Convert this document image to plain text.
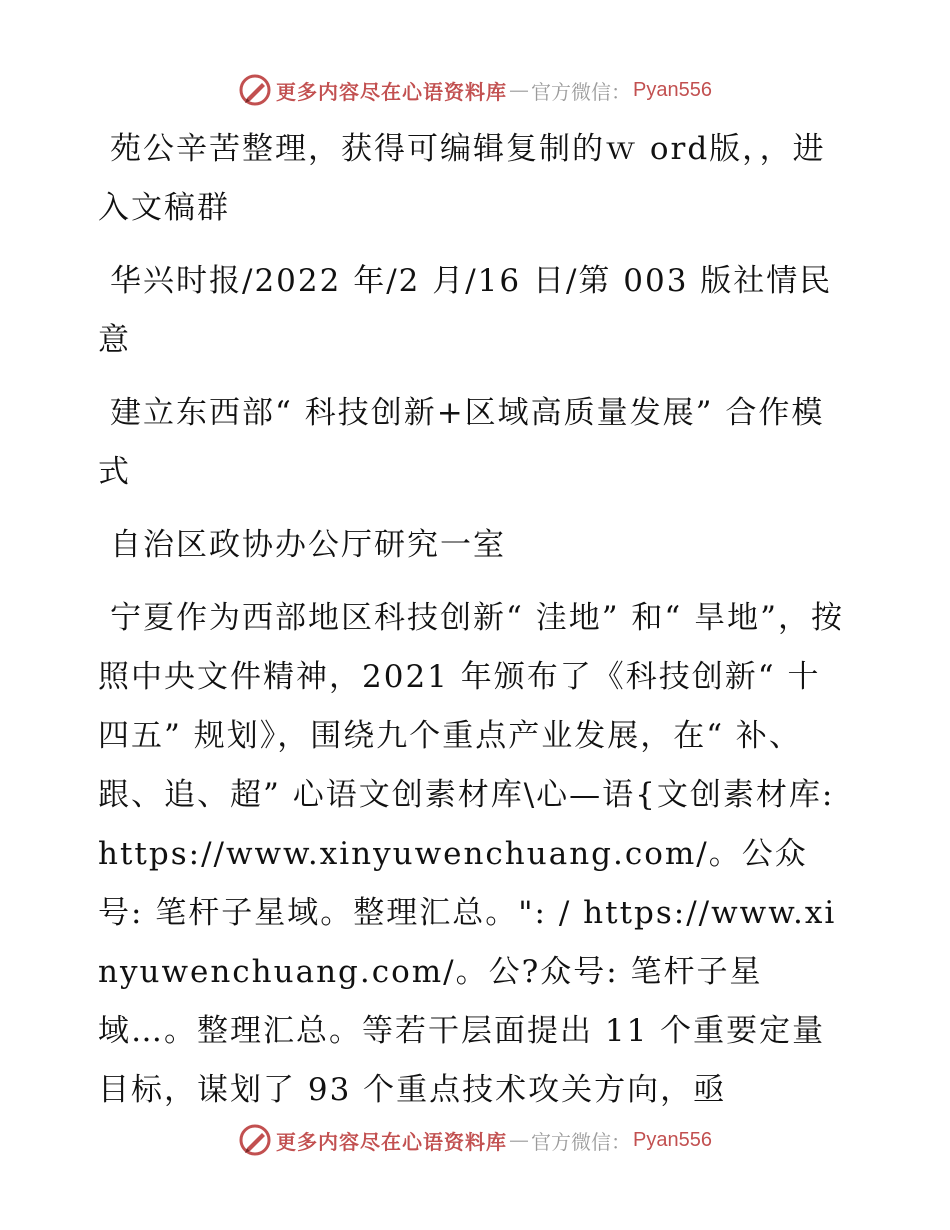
更多内容尽在心语资料库 — 官方微信： Pyan556

苑公辛苦整理，获得可编辑复制的ｗ ord版，，进入文稿群

华兴时报/2022 年/2 月/16 日/第 003 版社情民意

建立东西部“ 科技创新+区域高质量发展” 合作模式

自治区政协办公厅研究一室

宁夏作为西部地区科技创新“ 洼地” 和“ 旱地”，按照中央文件精神，2021 年颁布了《科技创新“ 十四五” 规划》，围绕九个重点产业发展，在“ 补、跟、追、超” 心语文创素材库\心—语{文创素材库: https://www.xinyuwenchuang.com/。公众号: 笔杆子星域。整理汇总。": / https://www.xinyuwenchuang.com/。公?众号: 笔杆子星域…。整理汇总。等若干层面提出 11 个重要定量目标，谋划了 93 个重点技术攻关方向，亟

更多内容尽在心语资料库 — 官方微信： Pyan556
